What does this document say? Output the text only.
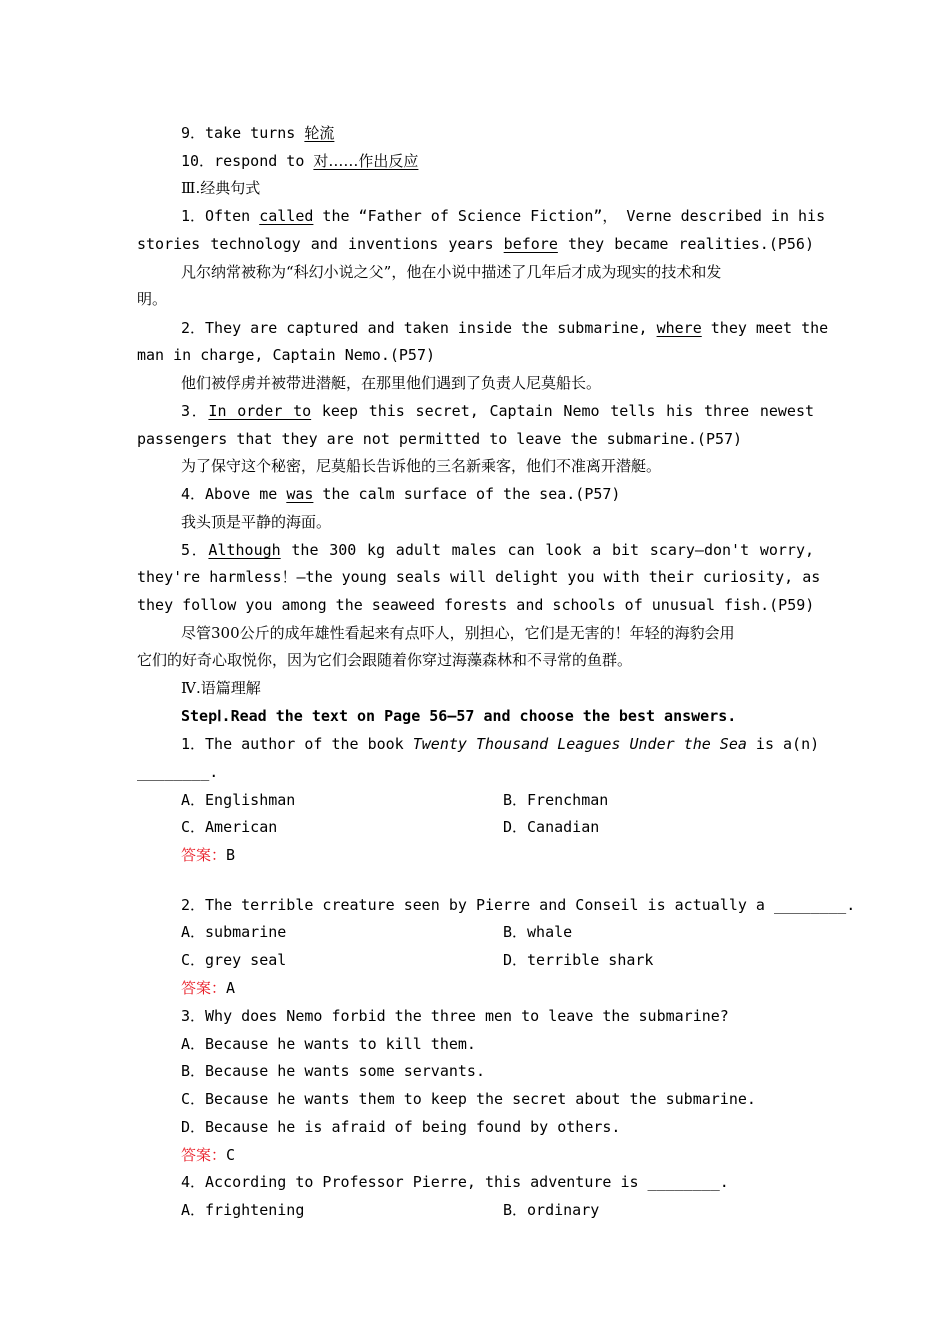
9．take turns 轮流
10．respond to 对……作出反应
Ⅲ.经典句式
1．Often called the “Father of Science Fiction”， Verne described in his
stories technology and inventions years before they became realities.(P56)
凡尔纳常被称为“科幻小说之父”，他在小说中描述了几年后才成为现实的技术和发
明。
2．They are captured and taken inside the submarine, where they meet the
man in charge, Captain Nemo.(P57)
他们被俘虏并被带进潜艇，在那里他们遇到了负责人尼莫船长。
3．In order to keep this secret, Captain Nemo tells his three newest
passengers that they are not permitted to leave the submarine.(P57)
为了保守这个秘密，尼莫船长告诉他的三名新乘客，他们不准离开潜艇。
4．Above me was the calm surface of the sea.(P57)
我头顶是平静的海面。
5．Although the 300 kg adult males can look a bit scary—don't worry,
they're harmless！—the young seals will delight you with their curiosity, as
they follow you among the seaweed forests and schools of unusual fish.(P59)
尽管300公斤的成年雄性看起来有点吓人，别担心，它们是无害的！年轻的海豹会用
它们的好奇心取悦你，因为它们会跟随着你穿过海藻森林和不寻常的鱼群。
Ⅳ.语篇理解
StepⅠ.Read the text on Page 56—57 and choose the best answers.
1．The author of the book Twenty Thousand Leagues Under the Sea is a(n)
________.
A．Englishman	B．Frenchman
C．American	D．Canadian
答案：B
2．The terrible creature seen by Pierre and Conseil is actually a ________.
A．submarine	B．whale
C．grey seal	D．terrible shark
答案：A
3．Why does Nemo forbid the three men to leave the submarine?
A．Because he wants to kill them.
B．Because he wants some servants.
C．Because he wants them to keep the secret about the submarine.
D．Because he is afraid of being found by others.
答案：C
4．According to Professor Pierre, this adventure is ________.
A．frightening	B．ordinary
